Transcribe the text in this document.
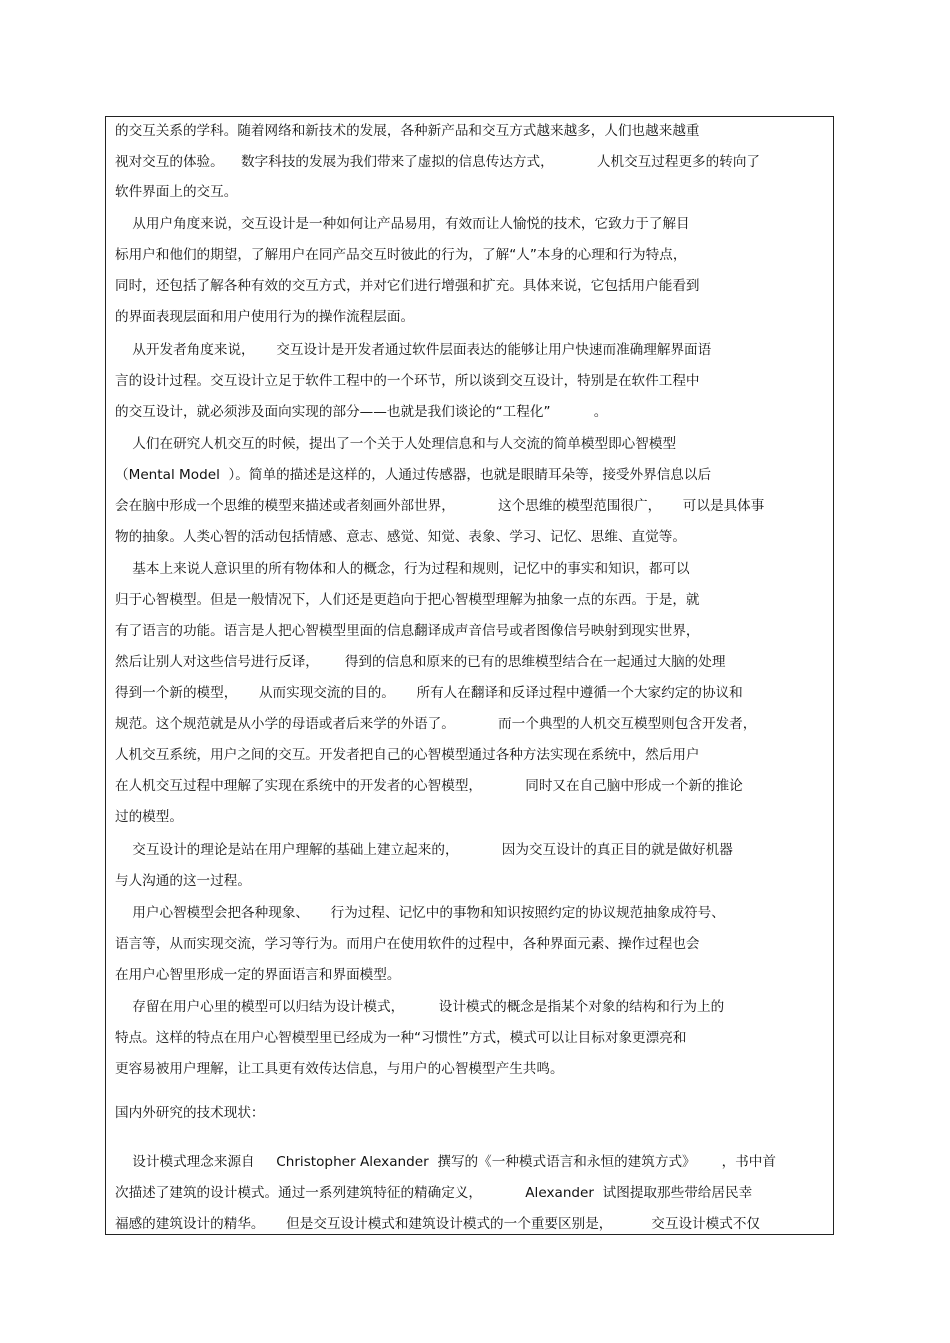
的交互关系的学科。随着网络和新技术的发展，各种新产品和交互方式越来越多，人们也越来越重

视对交互的体验。    数字科技的发展为我们带来了虚拟的信息传达方式，          人机交互过程更多的转向了

软件界面上的交互。

从用户角度来说，交互设计是一种如何让产品易用，有效而让人愉悦的技术，它致力于了解目

标用户和他们的期望，了解用户在同产品交互时彼此的行为，了解“人”本身的心理和行为特点，

同时，还包括了解各种有效的交互方式，并对它们进行增强和扩充。具体来说，它包括用户能看到

的界面表现层面和用户使用行为的操作流程层面。

从开发者角度来说，     交互设计是开发者通过软件层面表达的能够让用户快速而准确理解界面语

言的设计过程。交互设计立足于软件工程中的一个环节，所以谈到交互设计，特别是在软件工程中

的交互设计，就必须涉及面向实现的部分——也就是我们谈论的“工程化”          。

人们在研究人机交互的时候，提出了一个关于人处理信息和与人交流的简单模型即心智模型

（Mental Model  ）。简单的描述是这样的，人通过传感器，也就是眼睛耳朵等，接受外界信息以后

会在脑中形成一个思维的模型来描述或者刻画外部世界，          这个思维的模型范围很广，     可以是具体事

物的抽象。人类心智的活动包括情感、意志、感觉、知觉、表象、学习、记忆、思维、直觉等。

基本上来说人意识里的所有物体和人的概念，行为过程和规则，记忆中的事实和知识，都可以

归于心智模型。但是一般情况下，人们还是更趋向于把心智模型理解为抽象一点的东西。于是，就

有了语言的功能。语言是人把心智模型里面的信息翻译成声音信号或者图像信号映射到现实世界，

然后让别人对这些信号进行反译，      得到的信息和原来的已有的思维模型结合在一起通过大脑的处理

得到一个新的模型，     从而实现交流的目的。     所有人在翻译和反译过程中遵循一个大家约定的协议和

规范。这个规范就是从小学的母语或者后来学的外语了。          而一个典型的人机交互模型则包含开发者，

人机交互系统，用户之间的交互。开发者把自己的心智模型通过各种方法实现在系统中，然后用户

在人机交互过程中理解了实现在系统中的开发者的心智模型，          同时又在自己脑中形成一个新的推论

过的模型。

交互设计的理论是站在用户理解的基础上建立起来的，          因为交互设计的真正目的就是做好机器

与人沟通的这一过程。

用户心智模型会把各种现象、     行为过程、记忆中的事物和知识按照约定的协议规范抽象成符号、

语言等，从而实现交流，学习等行为。而用户在使用软件的过程中，各种界面元素、操作过程也会

在用户心智里形成一定的界面语言和界面模型。

存留在用户心里的模型可以归结为设计模式，        设计模式的概念是指某个对象的结构和行为上的

特点。这样的特点在用户心智模型里已经成为一种“习惯性”方式，模式可以让目标对象更漂亮和

更容易被用户理解，让工具更有效传达信息，与用户的心智模型产生共鸣。

国内外研究的技术现状：

设计模式理念来源自     Christopher Alexander  撰写的《一种模式语言和永恒的建筑方式》      ，书中首

次描述了建筑的设计模式。通过一系列建筑特征的精确定义，          Alexander  试图提取那些带给居民幸

福感的建筑设计的精华。     但是交互设计模式和建筑设计模式的一个重要区别是，         交互设计模式不仅
